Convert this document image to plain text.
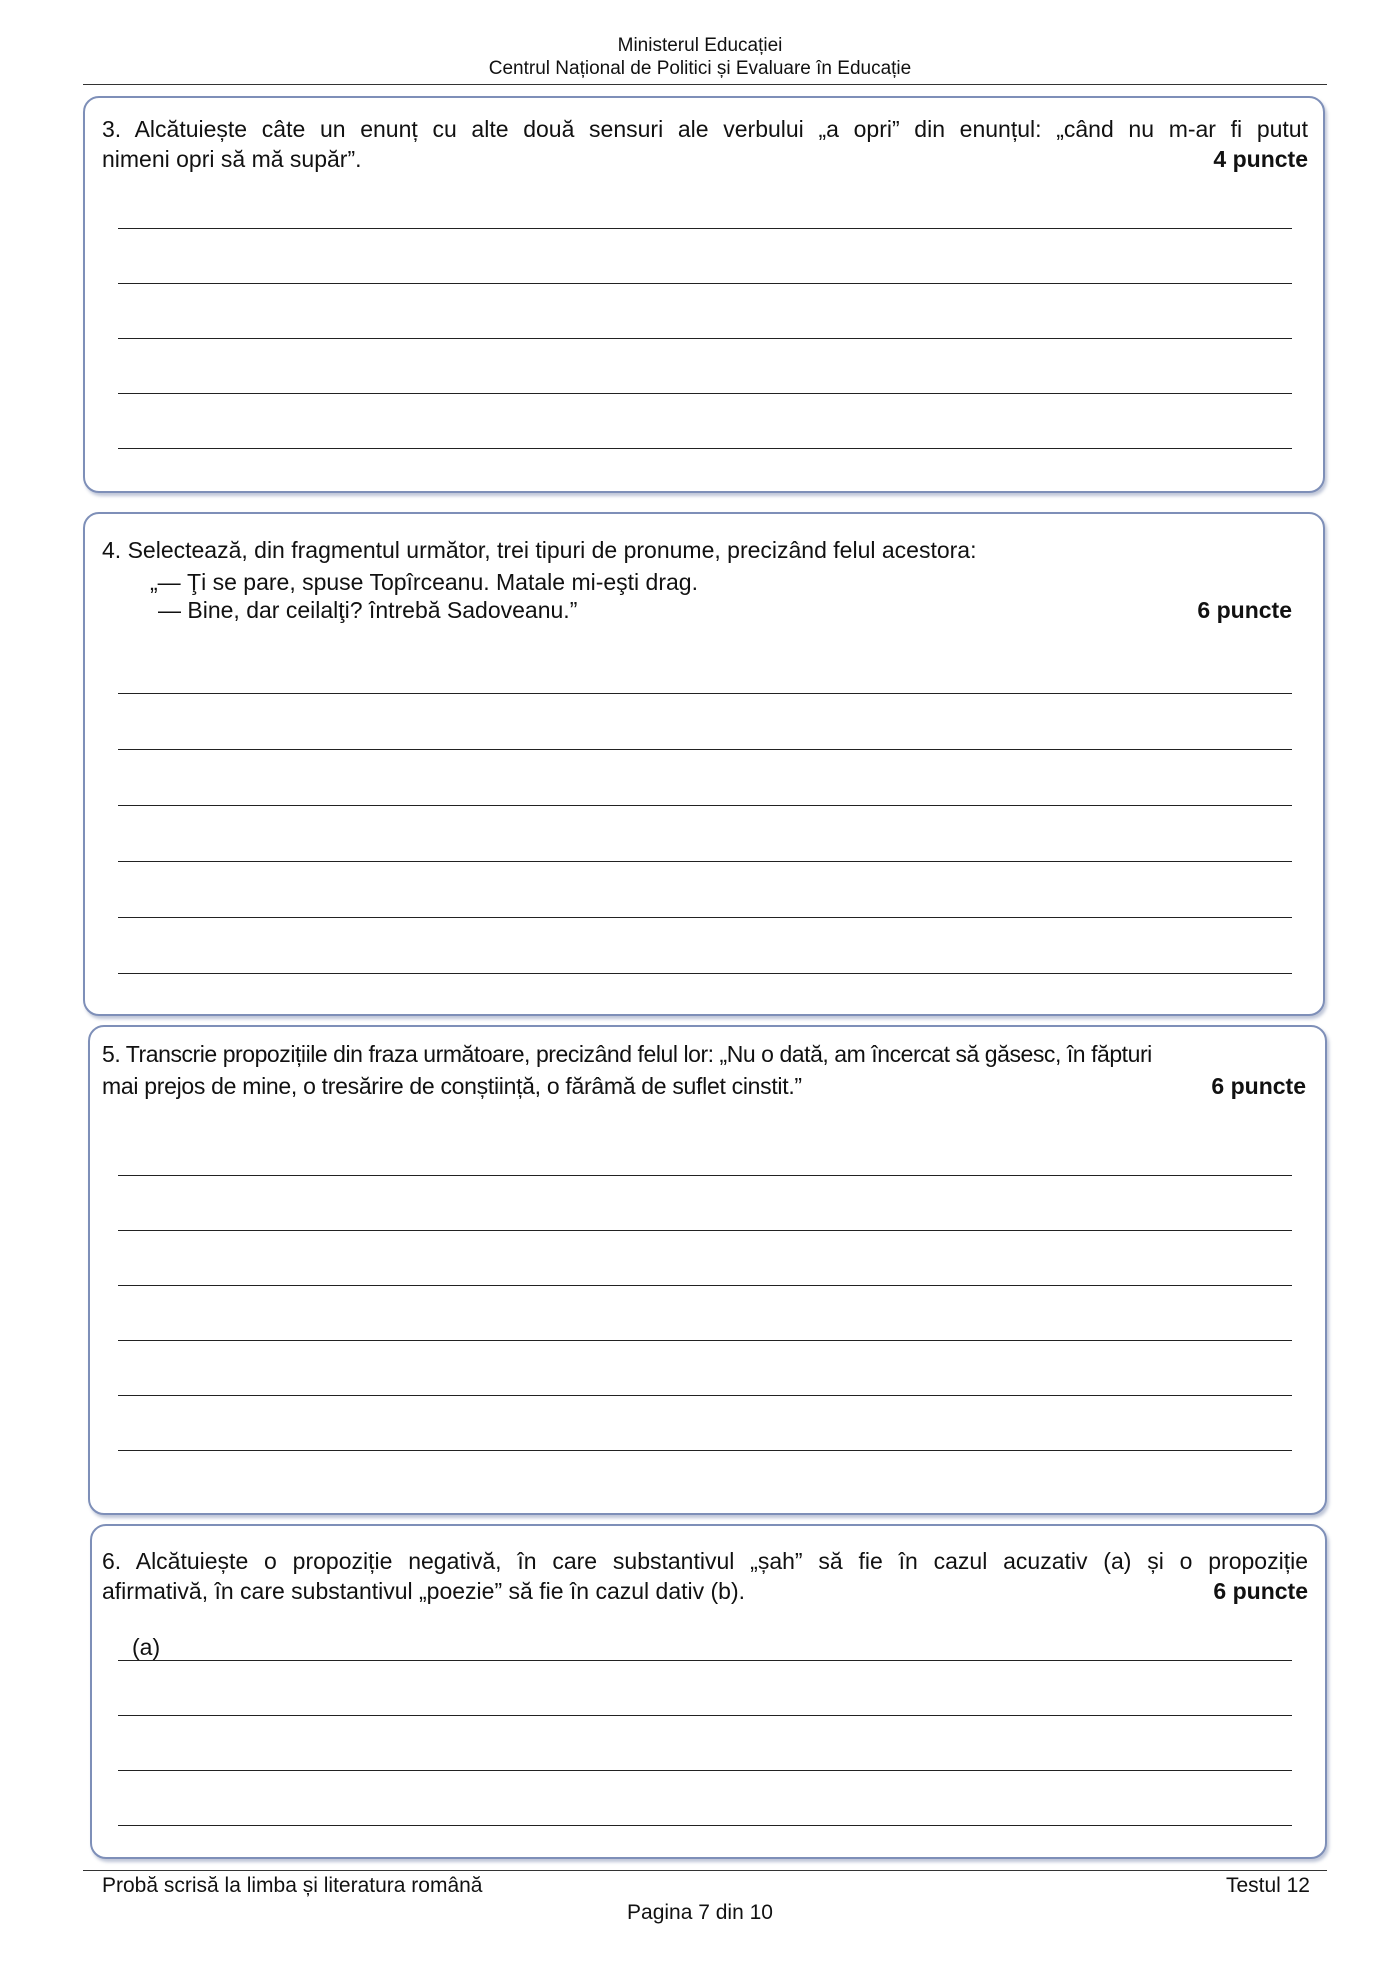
Ministerul Educației
Centrul Național de Politici și Evaluare în Educație
3. Alcătuiește câte un enunț cu alte două sensuri ale verbului „a opri” din enunțul: „când nu m-ar fi putut
nimeni opri să mă supăr”.	4 puncte
4. Selectează, din fragmentul următor, trei tipuri de pronume, precizând felul acestora:
„— Ţi se pare, spuse Topîrceanu. Matale mi-eşti drag.
— Bine, dar ceilalţi? întrebă Sadoveanu.”	6 puncte
5. Transcrie propozițiile din fraza următoare, precizând felul lor: „Nu o dată, am încercat să găsesc, în făpturi
mai prejos de mine, o tresărire de conștiință, o fărâmă de suflet cinstit.”	6 puncte
6. Alcătuiește o propoziție negativă, în care substantivul „șah” să fie în cazul acuzativ (a) și o propoziție
afirmativă, în care substantivul „poezie” să fie în cazul dativ (b).	6 puncte
(a)
Probă scrisă la limba și literatura română	Testul 12
Pagina 7 din 10
